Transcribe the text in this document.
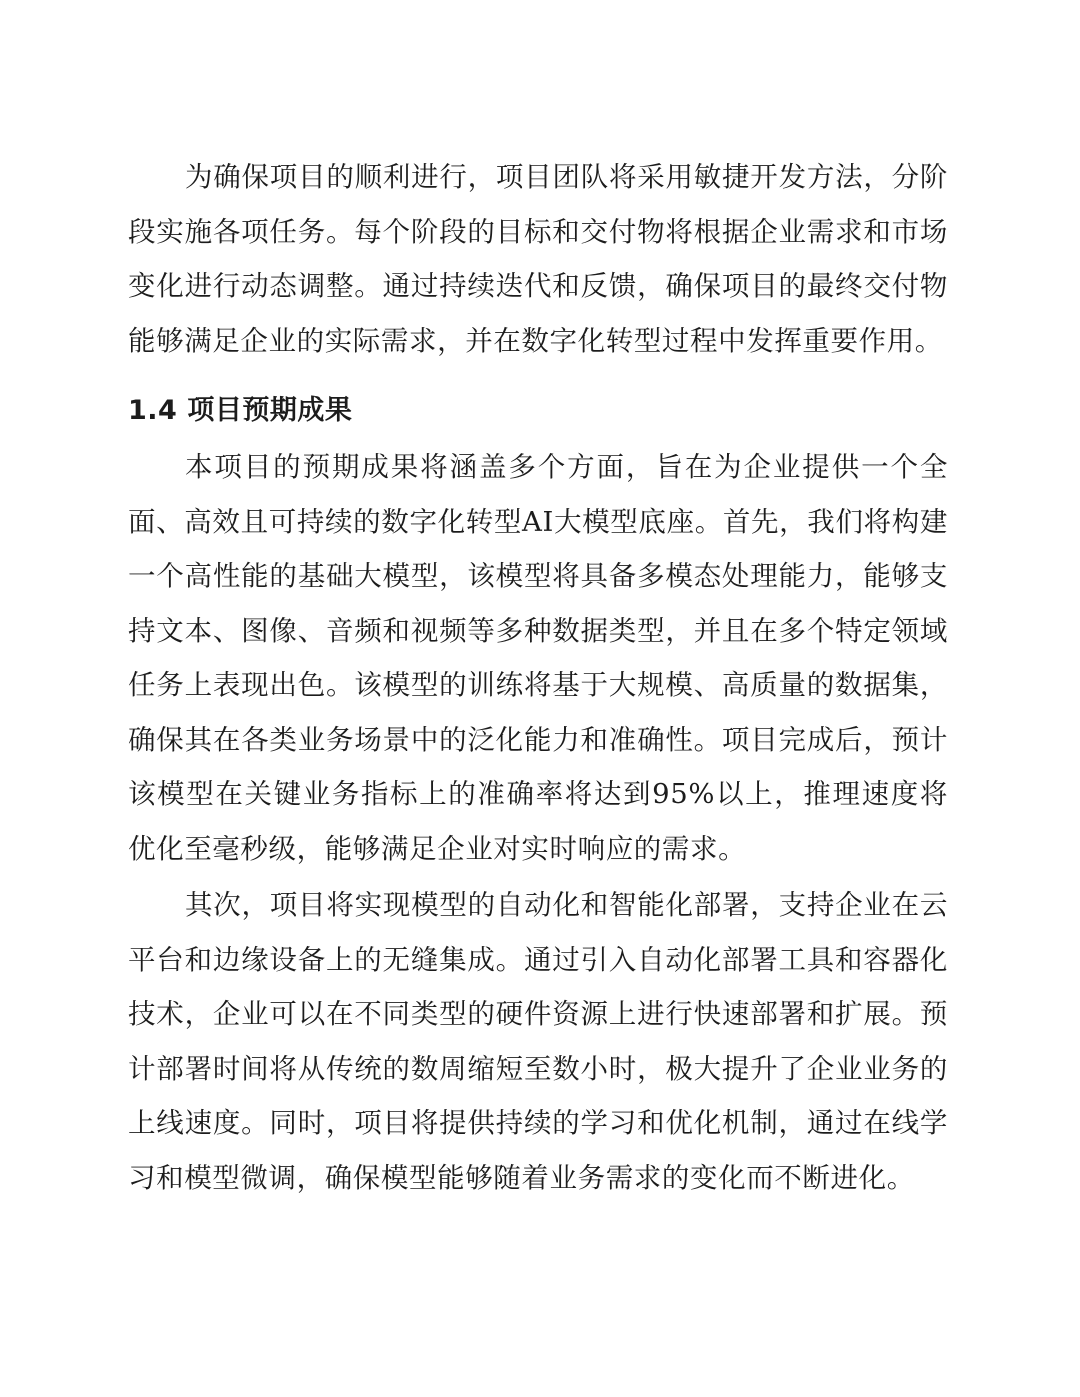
为确保项目的顺利进行，项目团队将采用敏捷开发方法，分阶段实施各项任务。每个阶段的目标和交付物将根据企业需求和市场变化进行动态调整。通过持续迭代和反馈，确保项目的最终交付物能够满足企业的实际需求，并在数字化转型过程中发挥重要作用。

1.4 项目预期成果

本项目的预期成果将涵盖多个方面，旨在为企业提供一个全面、高效且可持续的数字化转型AI大模型底座。首先，我们将构建一个高性能的基础大模型，该模型将具备多模态处理能力，能够支持文本、图像、音频和视频等多种数据类型，并且在多个特定领域任务上表现出色。该模型的训练将基于大规模、高质量的数据集，确保其在各类业务场景中的泛化能力和准确性。项目完成后，预计该模型在关键业务指标上的准确率将达到95%以上，推理速度将优化至毫秒级，能够满足企业对实时响应的需求。

其次，项目将实现模型的自动化和智能化部署，支持企业在云平台和边缘设备上的无缝集成。通过引入自动化部署工具和容器化技术，企业可以在不同类型的硬件资源上进行快速部署和扩展。预计部署时间将从传统的数周缩短至数小时，极大提升了企业业务的上线速度。同时，项目将提供持续的学习和优化机制，通过在线学习和模型微调，确保模型能够随着业务需求的变化而不断进化。
